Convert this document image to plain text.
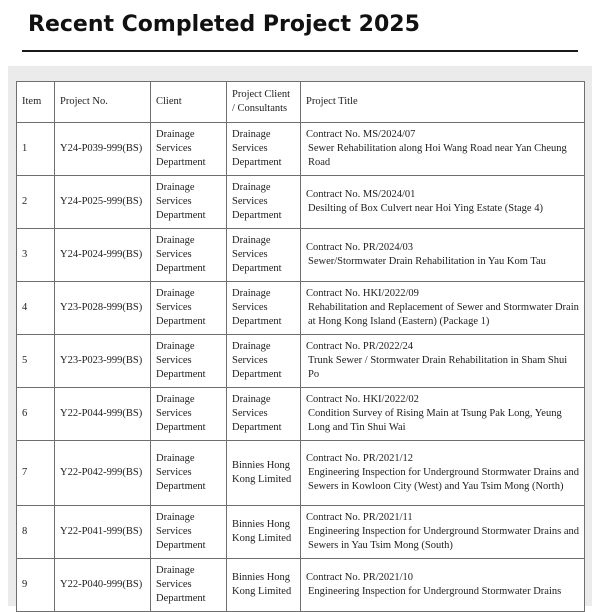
Recent Completed Project 2025
Item	Project No.	Client	Project Client / Consultants	Project Title
1	Y24-P039-999(BS)	Drainage Services Department	Drainage Services Department	Contract No. MS/2024/07
Sewer Rehabilitation along Hoi Wang Road near Yan Cheung Road

2	Y24-P025-999(BS)	Drainage Services Department	Drainage Services Department	Contract No. MS/2024/01
Desilting of Box Culvert near Hoi Ying Estate (Stage 4)

3	Y24-P024-999(BS)	Drainage Services Department	Drainage Services Department	Contract No. PR/2024/03
Sewer/Stormwater Drain Rehabilitation in Yau Kom Tau

4	Y23-P028-999(BS)	Drainage Services Department	Drainage Services Department	Contract No. HKI/2022/09
Rehabilitation and Replacement of Sewer and Stormwater Drain at Hong Kong Island (Eastern) (Package 1)

5	Y23-P023-999(BS)	Drainage Services Department	Drainage Services Department	Contract No. PR/2022/24
Trunk Sewer / Stormwater Drain Rehabilitation in Sham Shui Po

6	Y22-P044-999(BS)	Drainage Services Department	Drainage Services Department	Contract No. HKI/2022/02
Condition Survey of Rising Main at Tsung Pak Long, Yeung Long and Tin Shui Wai

7	Y22-P042-999(BS)	Drainage Services Department	Binnies Hong Kong Limited	Contract No. PR/2021/12
Engineering Inspection for Underground Stormwater Drains and Sewers in Kowloon City (West) and Yau Tsim Mong (North)

8	Y22-P041-999(BS)	Drainage Services Department	Binnies Hong Kong Limited	Contract No. PR/2021/11
Engineering Inspection for Underground Stormwater Drains and Sewers in Yau Tsim Mong (South)

9	Y22-P040-999(BS)	Drainage Services Department	Binnies Hong Kong Limited	Contract No. PR/2021/10
Engineering Inspection for Underground Stormwater Drains
